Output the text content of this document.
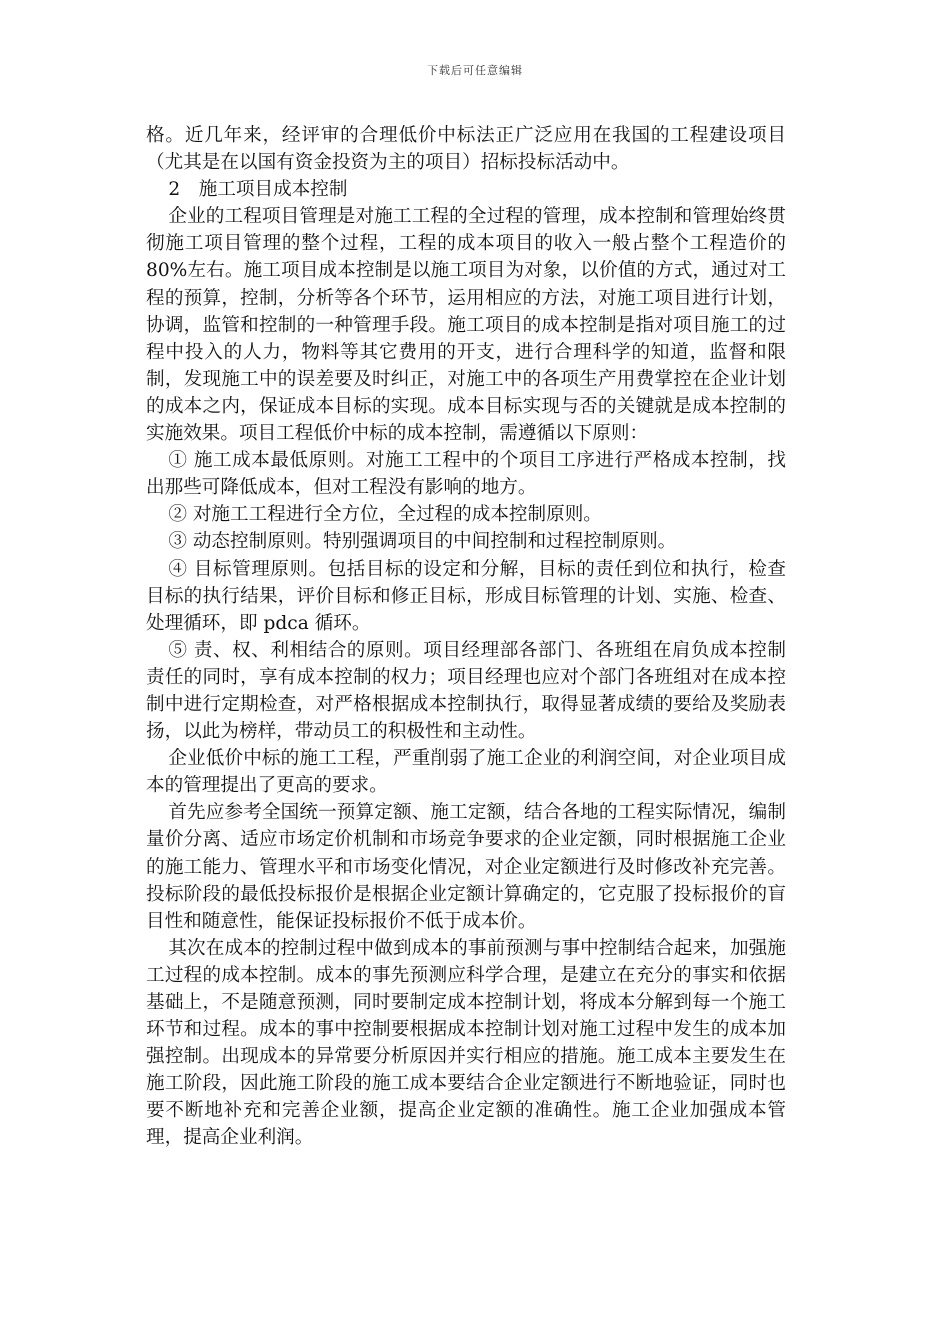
下载后可任意编辑

格。近几年来，经评审的合理低价中标法正广泛应用在我国的工程建设项目（尤其是在以国有资金投资为主的项目）招标投标活动中。

2　施工项目成本控制

企业的工程项目管理是对施工工程的全过程的管理，成本控制和管理始终贯彻施工项目管理的整个过程，工程的成本项目的收入一般占整个工程造价的80%左右。施工项目成本控制是以施工项目为对象，以价值的方式，通过对工程的预算，控制，分析等各个环节，运用相应的方法，对施工项目进行计划，协调，监管和控制的一种管理手段。施工项目的成本控制是指对项目施工的过程中投入的人力，物料等其它费用的开支，进行合理科学的知道，监督和限制，发现施工中的误差要及时纠正，对施工中的各项生产用费掌控在企业计划的成本之内，保证成本目标的实现。成本目标实现与否的关键就是成本控制的实施效果。项目工程低价中标的成本控制，需遵循以下原则：

① 施工成本最低原则。对施工工程中的个项目工序进行严格成本控制，找出那些可降低成本，但对工程没有影响的地方。

② 对施工工程进行全方位，全过程的成本控制原则。

③ 动态控制原则。特别强调项目的中间控制和过程控制原则。

④ 目标管理原则。包括目标的设定和分解，目标的责任到位和执行，检查目标的执行结果，评价目标和修正目标，形成目标管理的计划、实施、检查、处理循环，即 pdca 循环。

⑤ 责、权、利相结合的原则。项目经理部各部门、各班组在肩负成本控制责任的同时，享有成本控制的权力；项目经理也应对个部门各班组对在成本控制中进行定期检查，对严格根据成本控制执行，取得显著成绩的要给及奖励表扬，以此为榜样，带动员工的积极性和主动性。

企业低价中标的施工工程，严重削弱了施工企业的利润空间，对企业项目成本的管理提出了更高的要求。

首先应参考全国统一预算定额、施工定额，结合各地的工程实际情况，编制量价分离、适应市场定价机制和市场竞争要求的企业定额，同时根据施工企业的施工能力、管理水平和市场变化情况，对企业定额进行及时修改补充完善。投标阶段的最低投标报价是根据企业定额计算确定的，它克服了投标报价的盲目性和随意性，能保证投标报价不低于成本价。

其次在成本的控制过程中做到成本的事前预测与事中控制结合起来，加强施工过程的成本控制。成本的事先预测应科学合理，是建立在充分的事实和依据基础上，不是随意预测，同时要制定成本控制计划，将成本分解到每一个施工环节和过程。成本的事中控制要根据成本控制计划对施工过程中发生的成本加强控制。出现成本的异常要分析原因并实行相应的措施。施工成本主要发生在施工阶段，因此施工阶段的施工成本要结合企业定额进行不断地验证，同时也要不断地补充和完善企业额，提高企业定额的准确性。施工企业加强成本管理，提高企业利润。
